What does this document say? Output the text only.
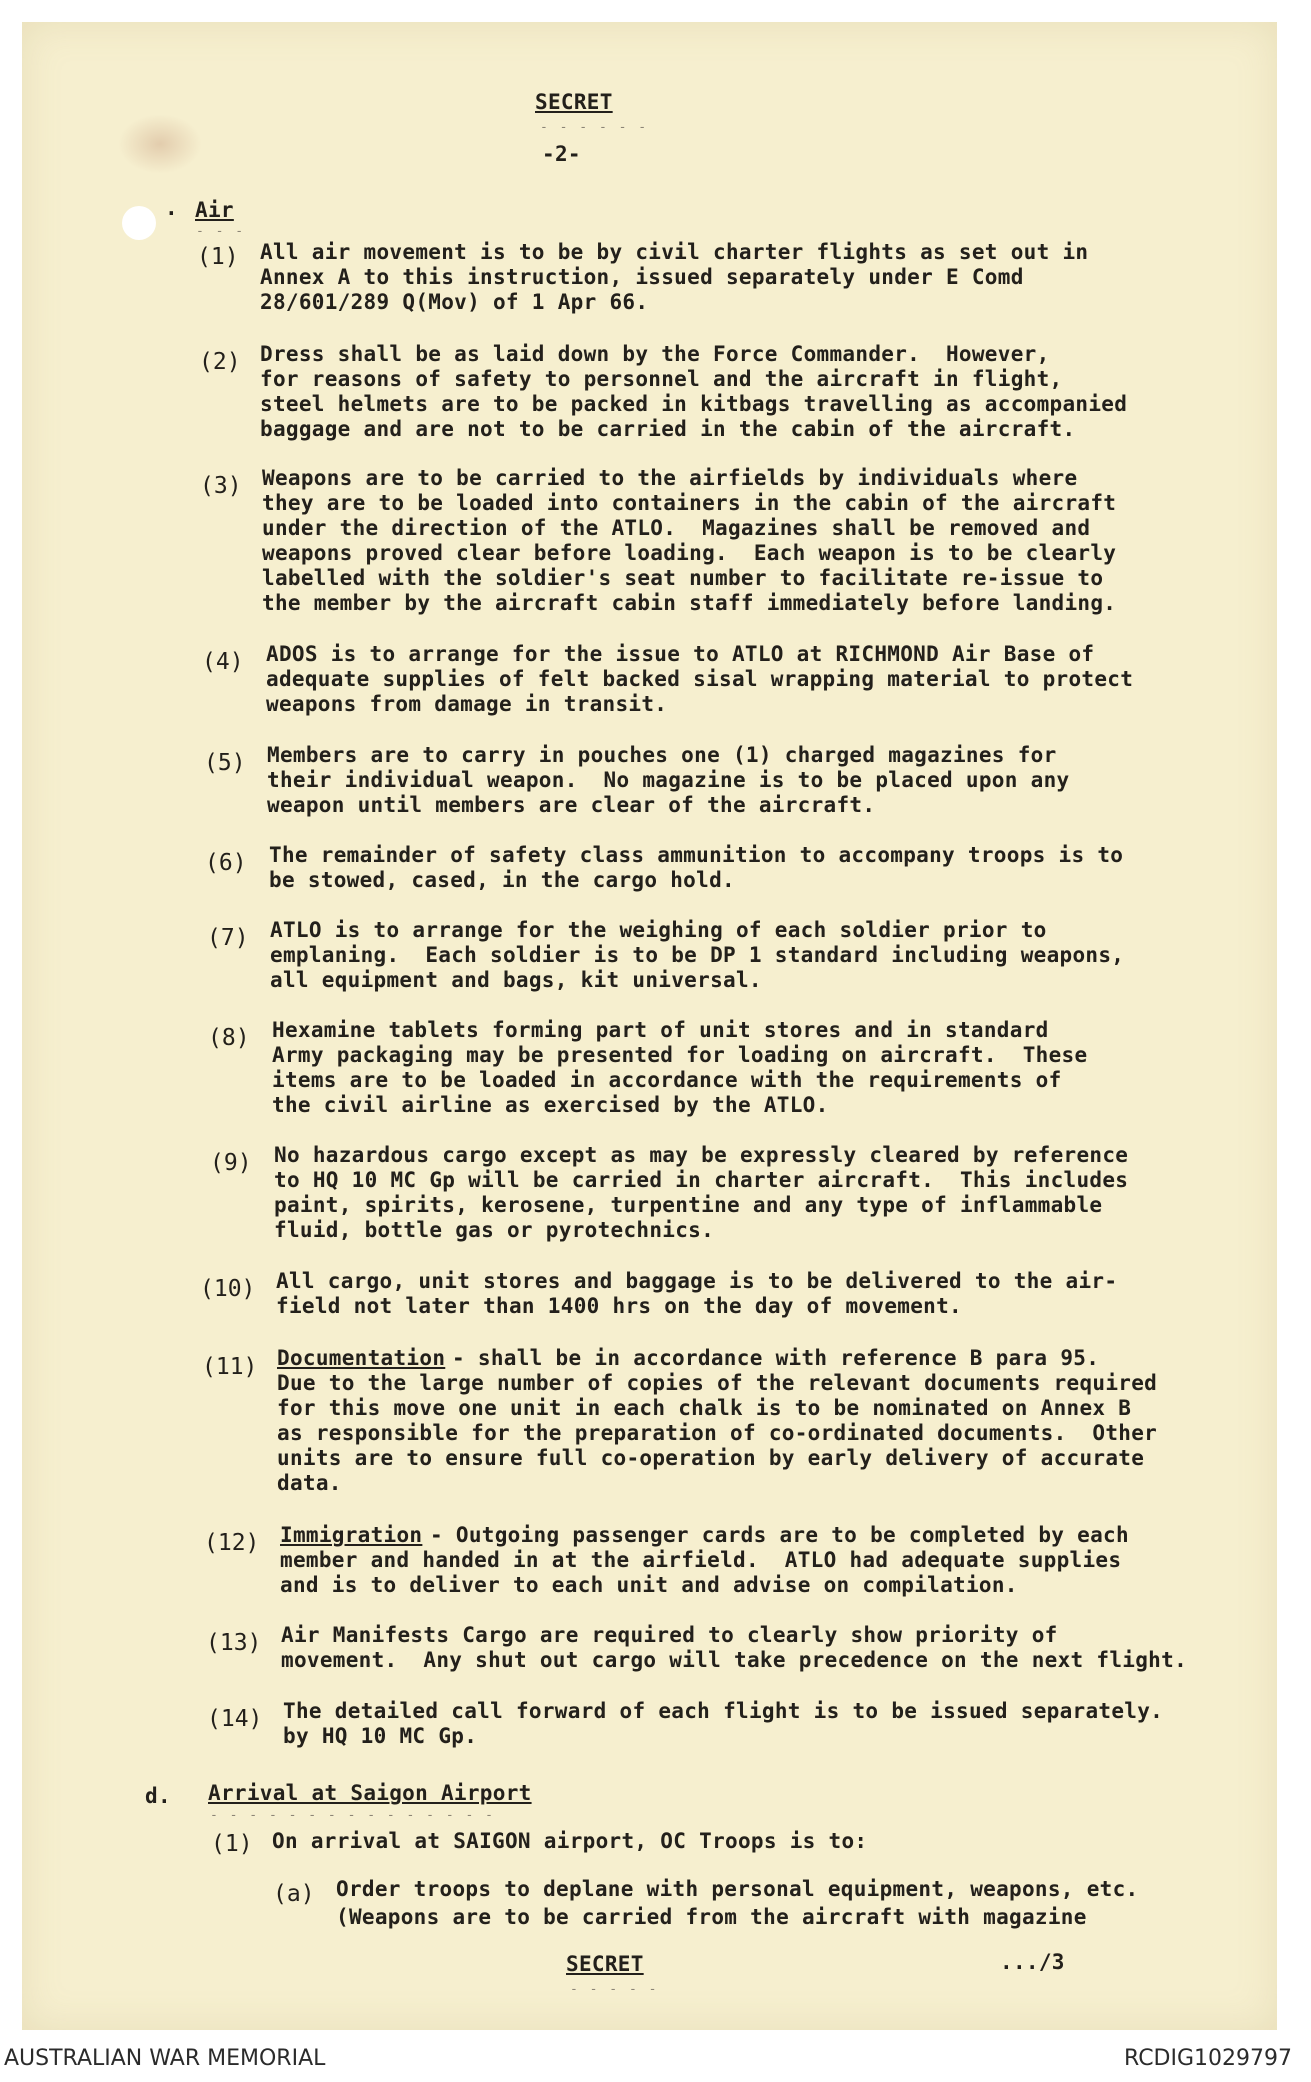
SECRET
- - - - - -
-2-
. Air
- - -
(1) All air movement is to be by civil charter flights as set out in
Annex A to this instruction, issued separately under E Comd
28/601/289 Q(Mov) of 1 Apr 66.
(2) Dress shall be as laid down by the Force Commander.  However,
for reasons of safety to personnel and the aircraft in flight,
steel helmets are to be packed in kitbags travelling as accompanied
baggage and are not to be carried in the cabin of the aircraft.
(3) Weapons are to be carried to the airfields by individuals where
they are to be loaded into containers in the cabin of the aircraft
under the direction of the ATLO.  Magazines shall be removed and
weapons proved clear before loading.  Each weapon is to be clearly
labelled with the soldier's seat number to facilitate re-issue to
the member by the aircraft cabin staff immediately before landing.
(4) ADOS is to arrange for the issue to ATLO at RICHMOND Air Base of
adequate supplies of felt backed sisal wrapping material to protect
weapons from damage in transit.
(5) Members are to carry in pouches one (1) charged magazines for
their individual weapon.  No magazine is to be placed upon any
weapon until members are clear of the aircraft.
(6) The remainder of safety class ammunition to accompany troops is to
be stowed, cased, in the cargo hold.
(7) ATLO is to arrange for the weighing of each soldier prior to
emplaning.  Each soldier is to be DP 1 standard including weapons,
all equipment and bags, kit universal.
(8) Hexamine tablets forming part of unit stores and in standard
Army packaging may be presented for loading on aircraft.  These
items are to be loaded in accordance with the requirements of
the civil airline as exercised by the ATLO.
(9) No hazardous cargo except as may be expressly cleared by reference
to HQ 10 MC Gp will be carried in charter aircraft.  This includes
paint, spirits, kerosene, turpentine and any type of inflammable
fluid, bottle gas or pyrotechnics.
(10) All cargo, unit stores and baggage is to be delivered to the air-
field not later than 1400 hrs on the day of movement.
(11) Documentation - shall be in accordance with reference B para 95.
Due to the large number of copies of the relevant documents required
for this move one unit in each chalk is to be nominated on Annex B
as responsible for the preparation of co-ordinated documents.  Other
units are to ensure full co-operation by early delivery of accurate
data.
(12) Immigration - Outgoing passenger cards are to be completed by each
member and handed in at the airfield.  ATLO had adequate supplies
and is to deliver to each unit and advise on compilation.
(13) Air Manifests Cargo are required to clearly show priority of
movement.  Any shut out cargo will take precedence on the next flight.
(14) The detailed call forward of each flight is to be issued separately.
by HQ 10 MC Gp.
d. Arrival at Saigon Airport
- - - - - - - - - - - - - - -
(1) On arrival at SAIGON airport, OC Troops is to:
(a) Order troops to deplane with personal equipment, weapons, etc.
(Weapons are to be carried from the aircraft with magazine
SECRET
- - - - -
.../3
AUSTRALIAN WAR MEMORIAL	RCDIG1029797
